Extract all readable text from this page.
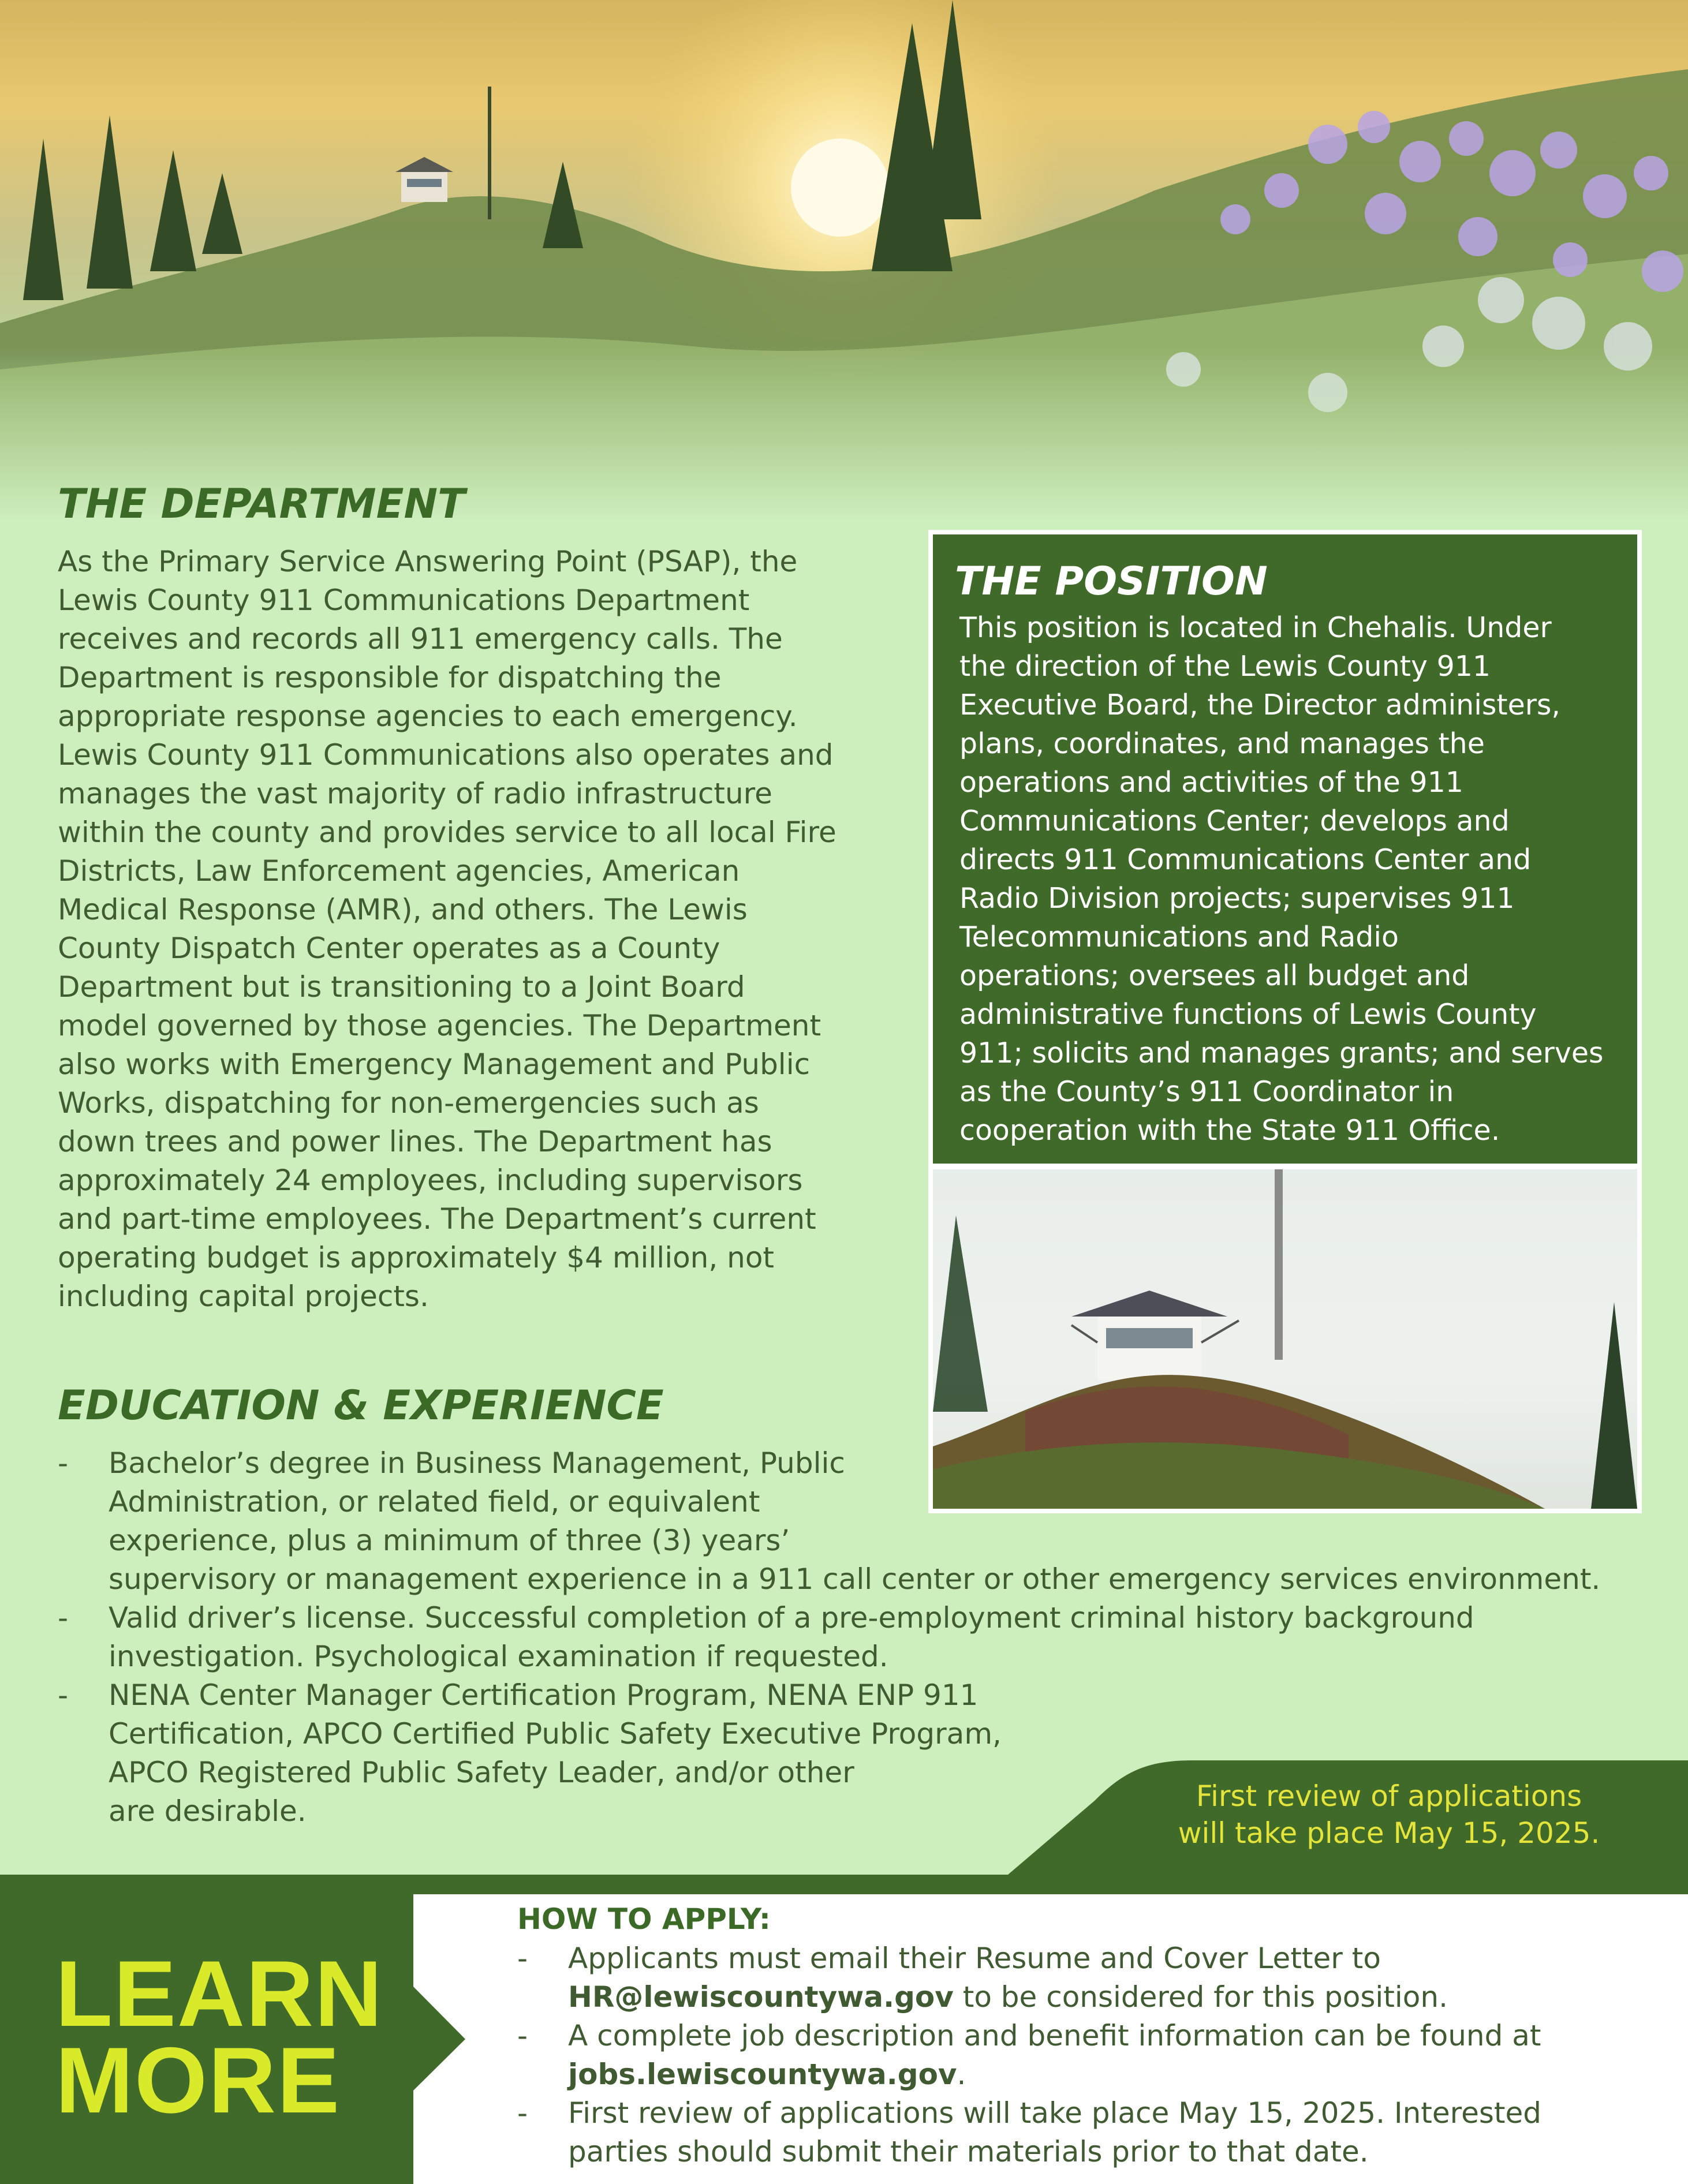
THE DEPARTMENT
As the Primary Service Answering Point (PSAP), the
Lewis County 911 Communications Department
receives and records all 911 emergency calls. The
Department is responsible for dispatching the
appropriate response agencies to each emergency.
Lewis County 911 Communications also operates and
manages the vast majority of radio infrastructure
within the county and provides service to all local Fire
Districts, Law Enforcement agencies, American
Medical Response (AMR), and others. The Lewis
County Dispatch Center operates as a County
Department but is transitioning to a Joint Board
model governed by those agencies. The Department
also works with Emergency Management and Public
Works, dispatching for non-emergencies such as
down trees and power lines. The Department has
approximately 24 employees, including supervisors
and part-time employees. The Department’s current
operating budget is approximately $4 million, not
including capital projects.
THE POSITION

This position is located in Chehalis. Under
the direction of the Lewis County 911
Executive Board, the Director administers,
plans, coordinates, and manages the
operations and activities of the 911
Communications Center; develops and
directs 911 Communications Center and
Radio Division projects; supervises 911
Telecommunications and Radio
operations; oversees all budget and
administrative functions of Lewis County
911; solicits and manages grants; and serves
as the County’s 911 Coordinator in
cooperation with the State 911 Office.

EDUCATION & EXPERIENCE
- Bachelor’s degree in Business Management, Public
Administration, or related field, or equivalent
experience, plus a minimum of three (3) years’
supervisory or management experience in a 911 call center or other emergency services environment.
- Valid driver’s license. Successful completion of a pre-employment criminal history background
investigation. Psychological examination if requested.
- NENA Center Manager Certification Program, NENA ENP 911
Certification, APCO Certified Public Safety Executive Program,
APCO Registered Public Safety Leader, and/or other
are desirable.	First review of applications
will take place May 15, 2025.

LEARN
MORE
HOW TO APPLY:
- Applicants must email their Resume and Cover Letter to
HR@lewiscountywa.gov to be considered for this position.
- A complete job description and benefit information can be found at
jobs.lewiscountywa.gov.
- First review of applications will take place May 15, 2025. Interested
parties should submit their materials prior to that date.
